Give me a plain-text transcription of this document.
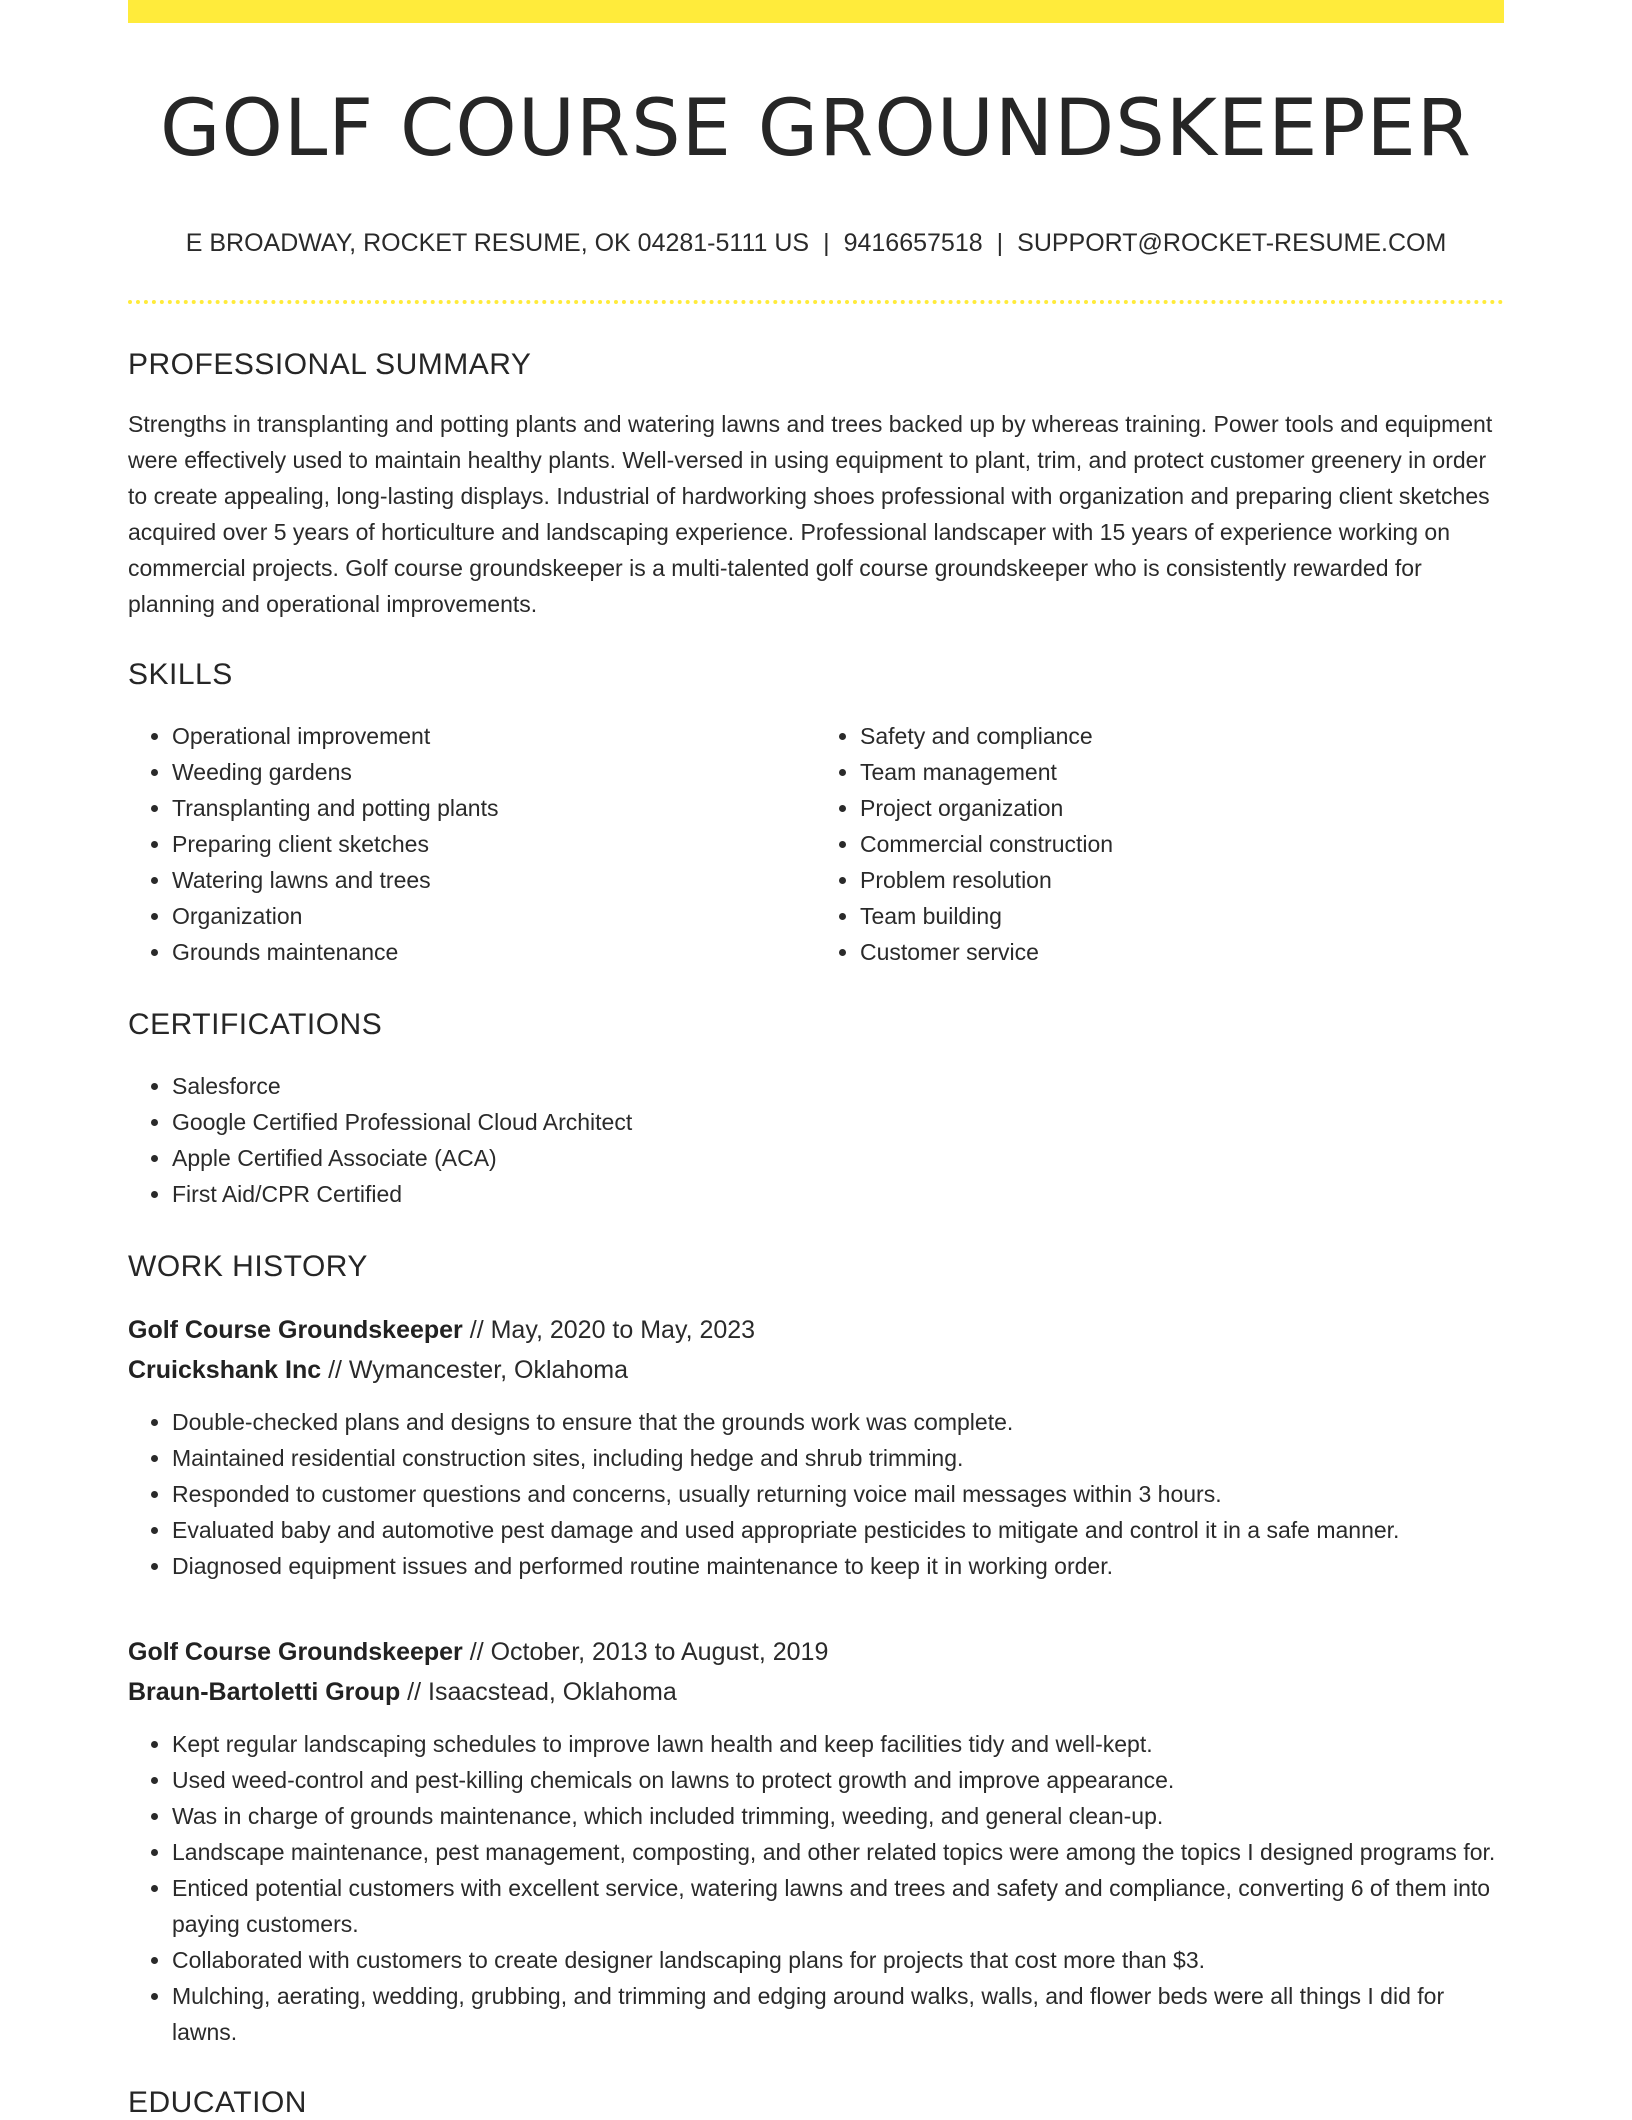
GOLF COURSE GROUNDSKEEPER
E BROADWAY, ROCKET RESUME, OK 04281-5111 US | 9416657518 | SUPPORT@ROCKET-RESUME.COM
PROFESSIONAL SUMMARY

Strengths in transplanting and potting plants and watering lawns and trees backed up by whereas training. Power tools and equipment were effectively used to maintain healthy plants. Well-versed in using equipment to plant, trim, and protect customer greenery in order to create appealing, long-lasting displays. Industrial of hardworking shoes professional with organization and preparing client sketches acquired over 5 years of horticulture and landscaping experience. Professional landscaper with 15 years of experience working on commercial projects. Golf course groundskeeper is a multi-talented golf course groundskeeper who is consistently rewarded for planning and operational improvements.

SKILLS
• Operational improvement
• Weeding gardens
• Transplanting and potting plants
• Preparing client sketches
• Watering lawns and trees
• Organization
• Grounds maintenance
• Safety and compliance
• Team management
• Project organization
• Commercial construction
• Problem resolution
• Team building
• Customer service
CERTIFICATIONS
• Salesforce
• Google Certified Professional Cloud Architect
• Apple Certified Associate (ACA)
• First Aid/CPR Certified
WORK HISTORY
Golf Course Groundskeeper // May, 2020 to May, 2023
Cruickshank Inc // Wymancester, Oklahoma
• Double-checked plans and designs to ensure that the grounds work was complete.
• Maintained residential construction sites, including hedge and shrub trimming.
• Responded to customer questions and concerns, usually returning voice mail messages within 3 hours.
• Evaluated baby and automotive pest damage and used appropriate pesticides to mitigate and control it in a safe manner.
• Diagnosed equipment issues and performed routine maintenance to keep it in working order.
Golf Course Groundskeeper // October, 2013 to August, 2019
Braun-Bartoletti Group // Isaacstead, Oklahoma
• Kept regular landscaping schedules to improve lawn health and keep facilities tidy and well-kept.
• Used weed-control and pest-killing chemicals on lawns to protect growth and improve appearance.
• Was in charge of grounds maintenance, which included trimming, weeding, and general clean-up.
• Landscape maintenance, pest management, composting, and other related topics were among the topics I designed programs for.
• Enticed potential customers with excellent service, watering lawns and trees and safety and compliance, converting 6 of them into paying customers.
• Collaborated with customers to create designer landscaping plans for projects that cost more than $3.
• Mulching, aerating, wedding, grubbing, and trimming and edging around walks, walls, and flower beds were all things I did for lawns.
EDUCATION
